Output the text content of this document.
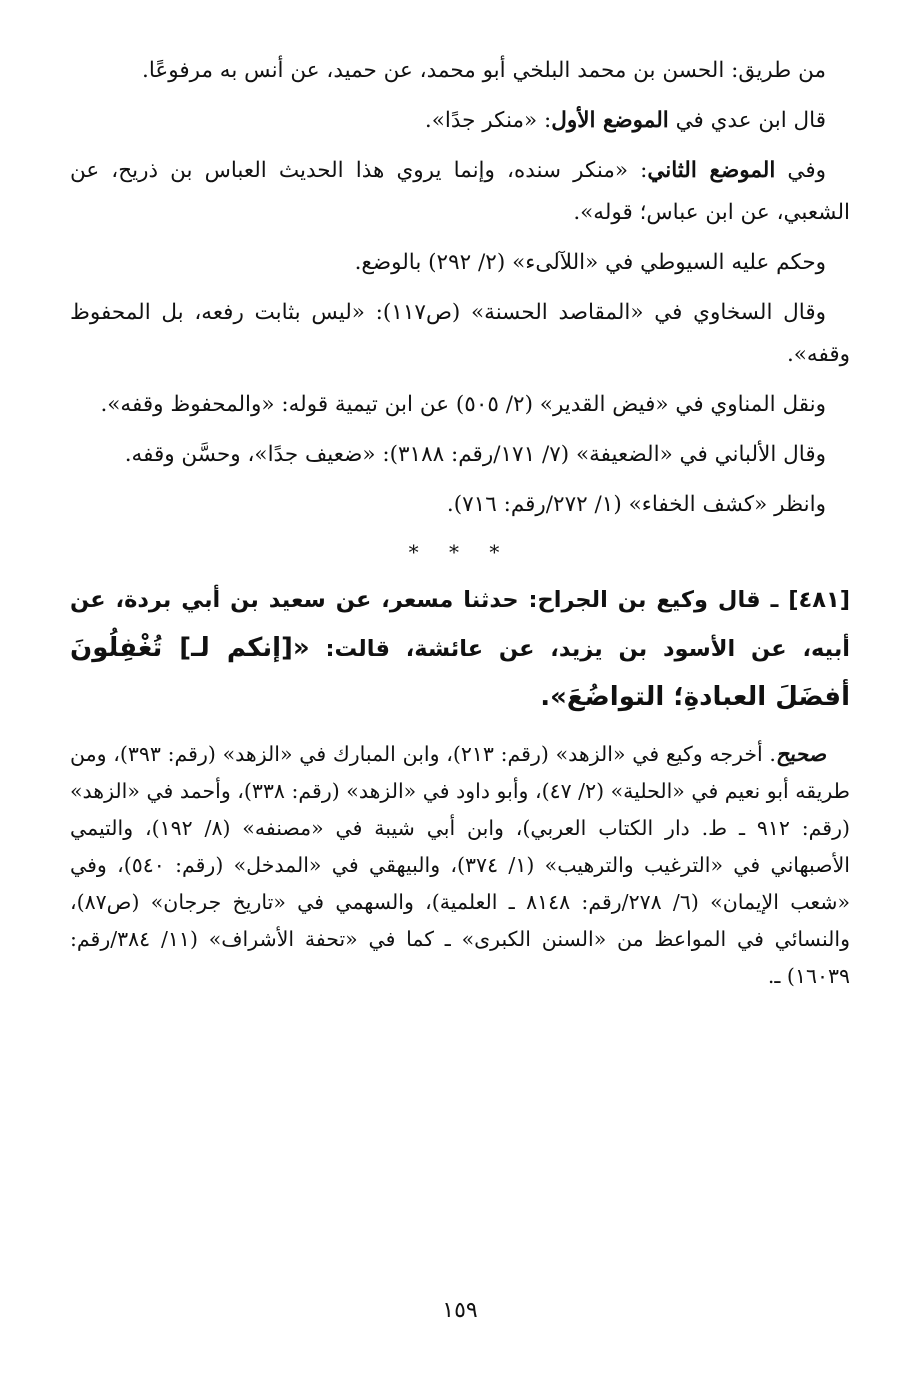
من طريق: الحسن بن محمد البلخي أبو محمد، عن حميد، عن أنس به مرفوعًا.

قال ابن عدي في الموضع الأول: «منكر جدًا».

وفي الموضع الثاني: «منكر سنده، وإنما يروي هذا الحديث العباس بن ذريح، عن الشعبي، عن ابن عباس؛ قوله».

وحكم عليه السيوطي في «اللآلىء» (٢/ ٢٩٢) بالوضع.

وقال السخاوي في «المقاصد الحسنة» (ص١١٧): «ليس بثابت رفعه، بل المحفوظ وقفه».

ونقل المناوي في «فيض القدير» (٢/ ٥٠٥) عن ابن تيمية قوله: «والمحفوظ وقفه».

وقال الألباني في «الضعيفة» (٧/ ١٧١/رقم: ٣١٨٨): «ضعيف جدًا»، وحسَّن وقفه.

وانظر «كشف الخفاء» (١/ ٢٧٢/رقم: ٧١٦).

* * *

[٤٨١] ـ قال وكيع بن الجراح: حدثنا مسعر، عن سعيد بن أبي بردة، عن أبيه، عن الأسود بن يزيد، عن عائشة، قالت: «[إنكم لـ] تُغْفِلُونَ أفضَلَ العبادةِ؛ التواضُعَ».

صحيح. أخرجه وكيع في «الزهد» (رقم: ٢١٣)، وابن المبارك في «الزهد» (رقم: ٣٩٣)، ومن طريقه أبو نعيم في «الحلية» (٢/ ٤٧)، وأبو داود في «الزهد» (رقم: ٣٣٨)، وأحمد في «الزهد» (رقم: ٩١٢ ـ ط. دار الكتاب العربي)، وابن أبي شيبة في «مصنفه» (٨/ ١٩٢)، والتيمي الأصبهاني في «الترغيب والترهيب» (١/ ٣٧٤)، والبيهقي في «المدخل» (رقم: ٥٤٠)، وفي «شعب الإيمان» (٦/ ٢٧٨/رقم: ٨١٤٨ ـ العلمية)، والسهمي في «تاريخ جرجان» (ص٨٧)، والنسائي في المواعظ من «السنن الكبرى» ـ كما في «تحفة الأشراف» (١١/ ٣٨٤/رقم: ١٦٠٣٩) ـ.

١٥٩
